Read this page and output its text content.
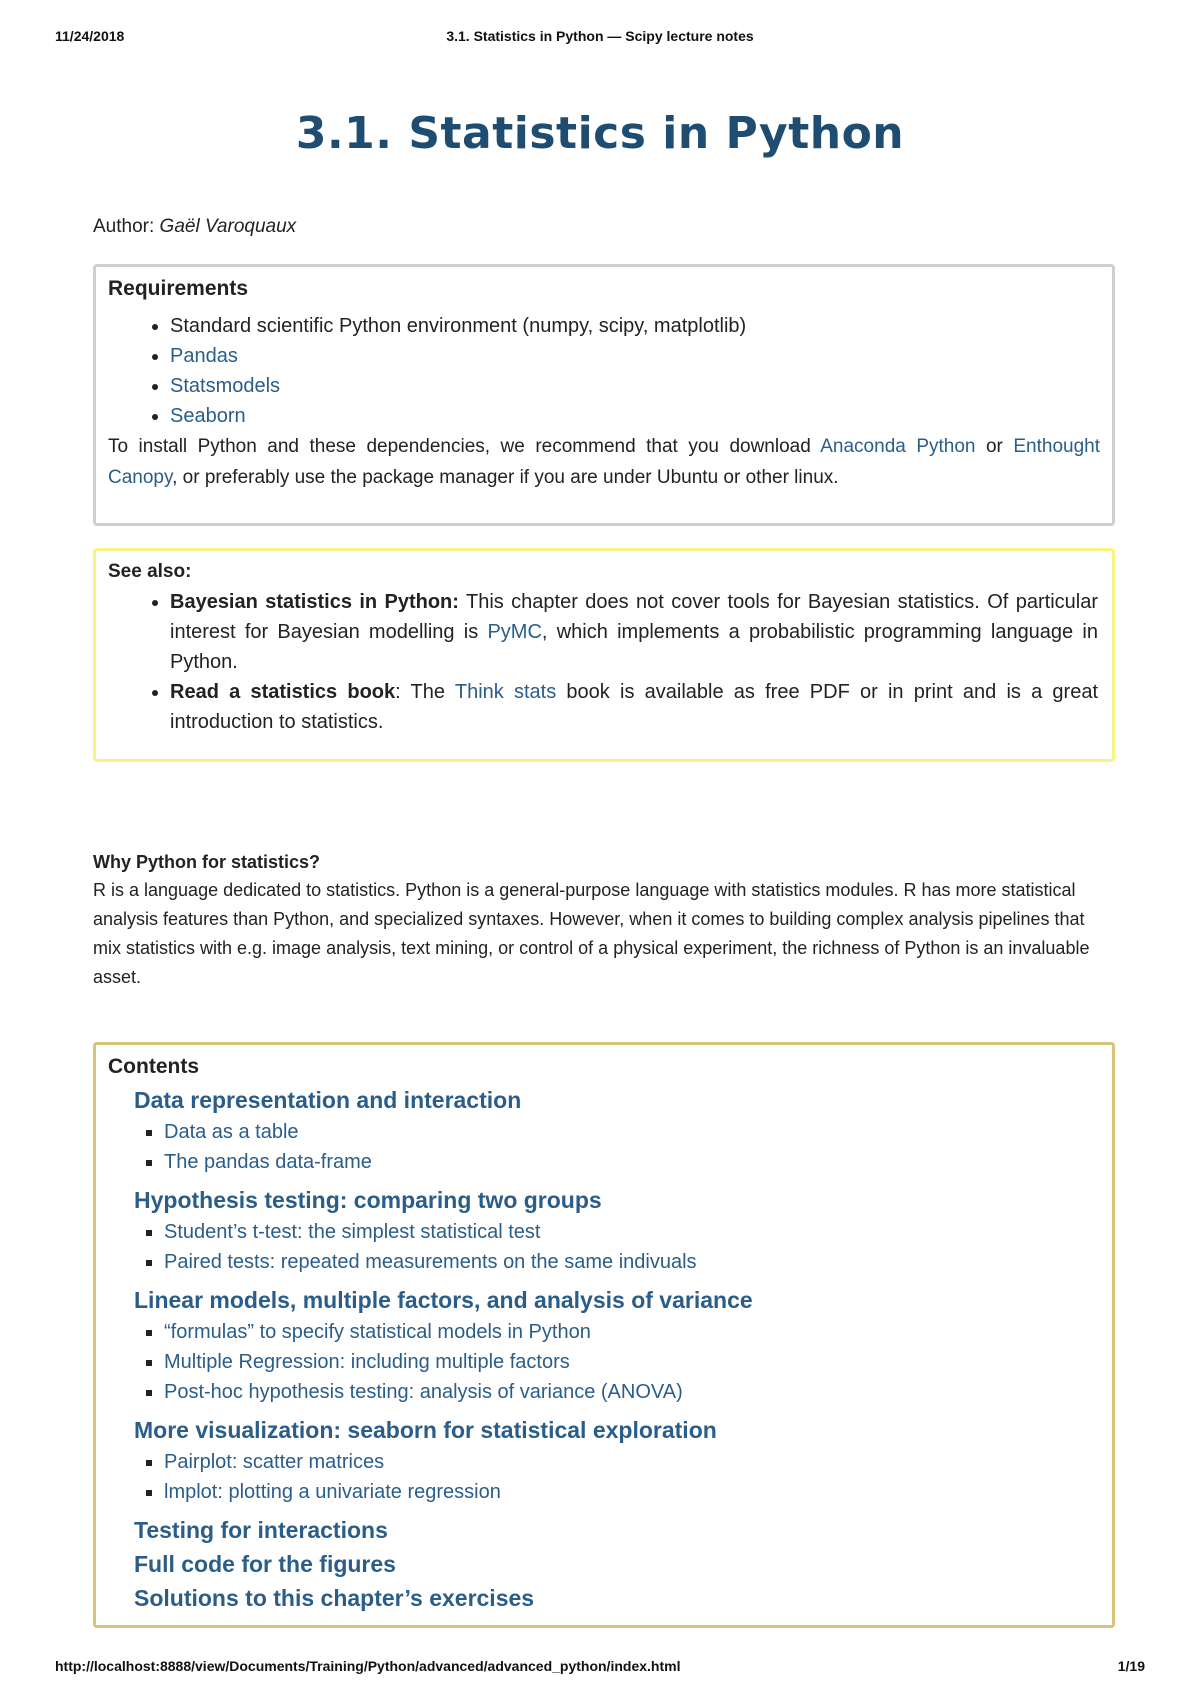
11/24/2018	3.1. Statistics in Python — Scipy lecture notes
3.1. Statistics in Python

Author: Gaël Varoquaux

Requirements

• Standard scientific Python environment (numpy, scipy, matplotlib)
• Pandas
• Statsmodels
• Seaborn

To install Python and these dependencies, we recommend that you download Anaconda Python or Enthought Canopy, or preferably use the package manager if you are under Ubuntu or other linux.

See also:

• Bayesian statistics in Python: This chapter does not cover tools for Bayesian statistics. Of particular interest for Bayesian modelling is PyMC, which implements a probabilistic programming language in Python.
• Read a statistics book: The Think stats book is available as free PDF or in print and is a great introduction to statistics.

Why Python for statistics?

R is a language dedicated to statistics. Python is a general-purpose language with statistics modules. R has more statistical analysis features than Python, and specialized syntaxes. However, when it comes to building complex analysis pipelines that mix statistics with e.g. image analysis, text mining, or control of a physical experiment, the richness of Python is an invaluable asset.

Contents

Data representation and interaction
▪ Data as a table
▪ The pandas data-frame
Hypothesis testing: comparing two groups
▪ Student’s t-test: the simplest statistical test
▪ Paired tests: repeated measurements on the same indivuals
Linear models, multiple factors, and analysis of variance
▪ “formulas” to specify statistical models in Python
▪ Multiple Regression: including multiple factors
▪ Post-hoc hypothesis testing: analysis of variance (ANOVA)
More visualization: seaborn for statistical exploration
▪ Pairplot: scatter matrices
▪ lmplot: plotting a univariate regression
Testing for interactions
Full code for the figures
Solutions to this chapter’s exercises
http://localhost:8888/view/Documents/Training/Python/advanced/advanced_python/index.html	1/19
